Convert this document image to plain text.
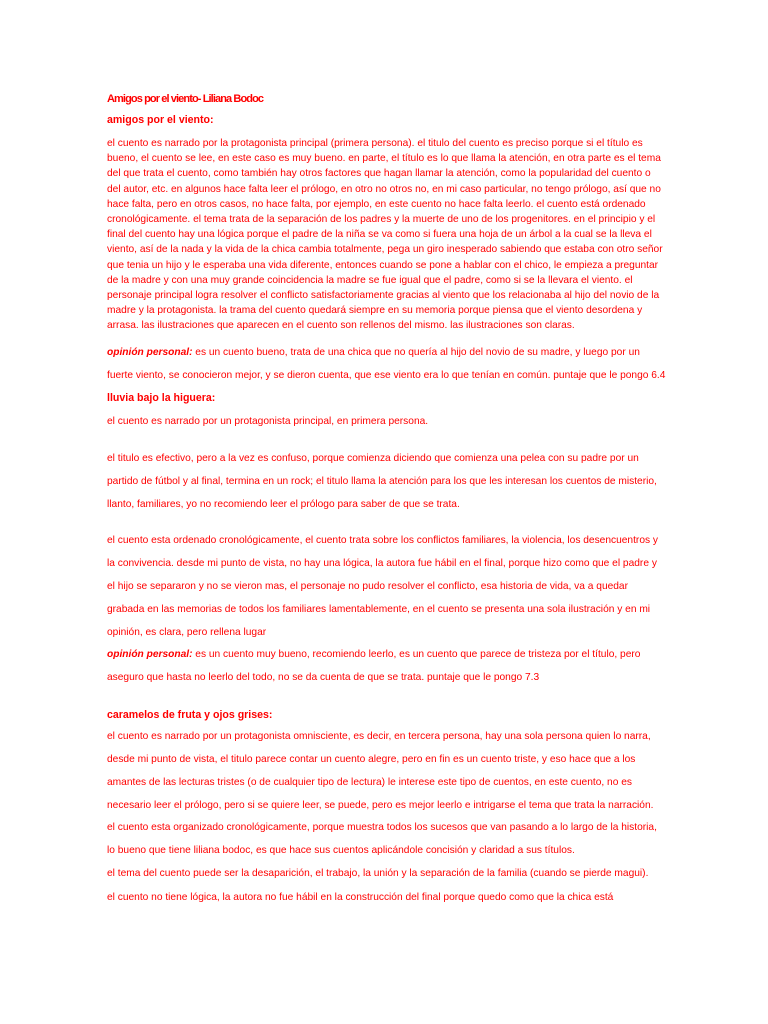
Amigos por el viento- Liliana Bodoc
amigos por el viento:

el cuento es narrado por la protagonista principal (primera persona). el titulo del cuento es preciso porque si el título es bueno, el cuento se lee, en este caso es muy bueno. en parte, el título es lo que llama la atención, en otra parte es el tema del que trata el cuento, como también hay otros factores que hagan llamar la atención, como la popularidad del cuento o del autor, etc. en algunos hace falta leer el prólogo, en otro no otros no, en mi caso particular, no tengo prólogo, así que no hace falta, pero en otros casos, no hace falta, por ejemplo, en este cuento no hace falta leerlo. el cuento está ordenado cronológicamente. el tema trata de la separación de los padres y la muerte de uno de los progenitores. en el principio y el final del cuento hay una lógica porque el padre de la niña se va como si fuera una hoja de un árbol a la cual se la lleva el viento, así de la nada y la vida de la chica cambia totalmente, pega un giro inesperado sabiendo que estaba con otro señor que tenia un hijo y le esperaba una vida diferente, entonces cuando se pone a hablar con el chico, le empieza a preguntar de la madre y con una muy grande coincidencia la madre se fue igual que el padre, como si se la llevara el viento. el personaje principal logra resolver el conflicto satisfactoriamente gracias al viento que los relacionaba al hijo del novio de la madre y la protagonista. la trama del cuento quedará siempre en su memoria porque piensa que el viento desordena y arrasa. las ilustraciones que aparecen en el cuento son rellenos del mismo. las ilustraciones son claras.

opinión personal: es un cuento bueno, trata de una chica que no quería al hijo del novio de su madre, y luego por un fuerte viento, se conocieron mejor, y se dieron cuenta, que ese viento era lo que tenían en común. puntaje que le pongo 6.4

lluvia bajo la higuera:

el cuento es narrado por un protagonista principal, en primera persona.

el titulo es efectivo, pero a la vez es confuso, porque comienza diciendo que comienza una pelea con su padre por un partido de fútbol y al final, termina en un rock; el titulo llama la atención para los que les interesan los cuentos de misterio, llanto, familiares, yo no recomiendo leer el prólogo para saber de que se trata.

el cuento esta ordenado cronológicamente, el cuento trata sobre los conflictos familiares, la violencia, los desencuentros y la convivencia. desde mi punto de vista, no hay una lógica, la autora fue hábil en el final, porque hizo como que el padre y el hijo se separaron y no se vieron mas, el personaje no pudo resolver el conflicto, esa historia de vida, va a quedar grabada en las memorias de todos los familiares lamentablemente, en el cuento se presenta una sola ilustración y en mi opinión, es clara, pero rellena lugar

opinión personal: es un cuento muy bueno, recomiendo leerlo, es un cuento que parece de tristeza por el título, pero aseguro que hasta no leerlo del todo, no se da cuenta de que se trata. puntaje que le pongo 7.3

caramelos de fruta y ojos grises:

el cuento es narrado por un protagonista omnisciente, es decir, en tercera persona, hay una sola persona quien lo narra, desde mi punto de vista, el titulo parece contar un cuento alegre, pero en fin es un cuento triste, y eso hace que a los amantes de las lecturas tristes (o de cualquier tipo de lectura) le interese este tipo de cuentos, en este cuento, no es necesario leer el prólogo, pero si se quiere leer, se puede, pero es mejor leerlo e intrigarse el tema que trata la narración.

el cuento esta organizado cronológicamente, porque muestra todos los sucesos que van pasando a lo largo de la historia, lo bueno que tiene liliana bodoc, es que hace sus cuentos aplicándole concisión y claridad a sus títulos.

el tema del cuento puede ser la desaparición, el trabajo, la unión y la separación de la familia (cuando se pierde magui).

el cuento no tiene lógica, la autora no fue hábil en la construcción del final porque quedo como que la chica está
